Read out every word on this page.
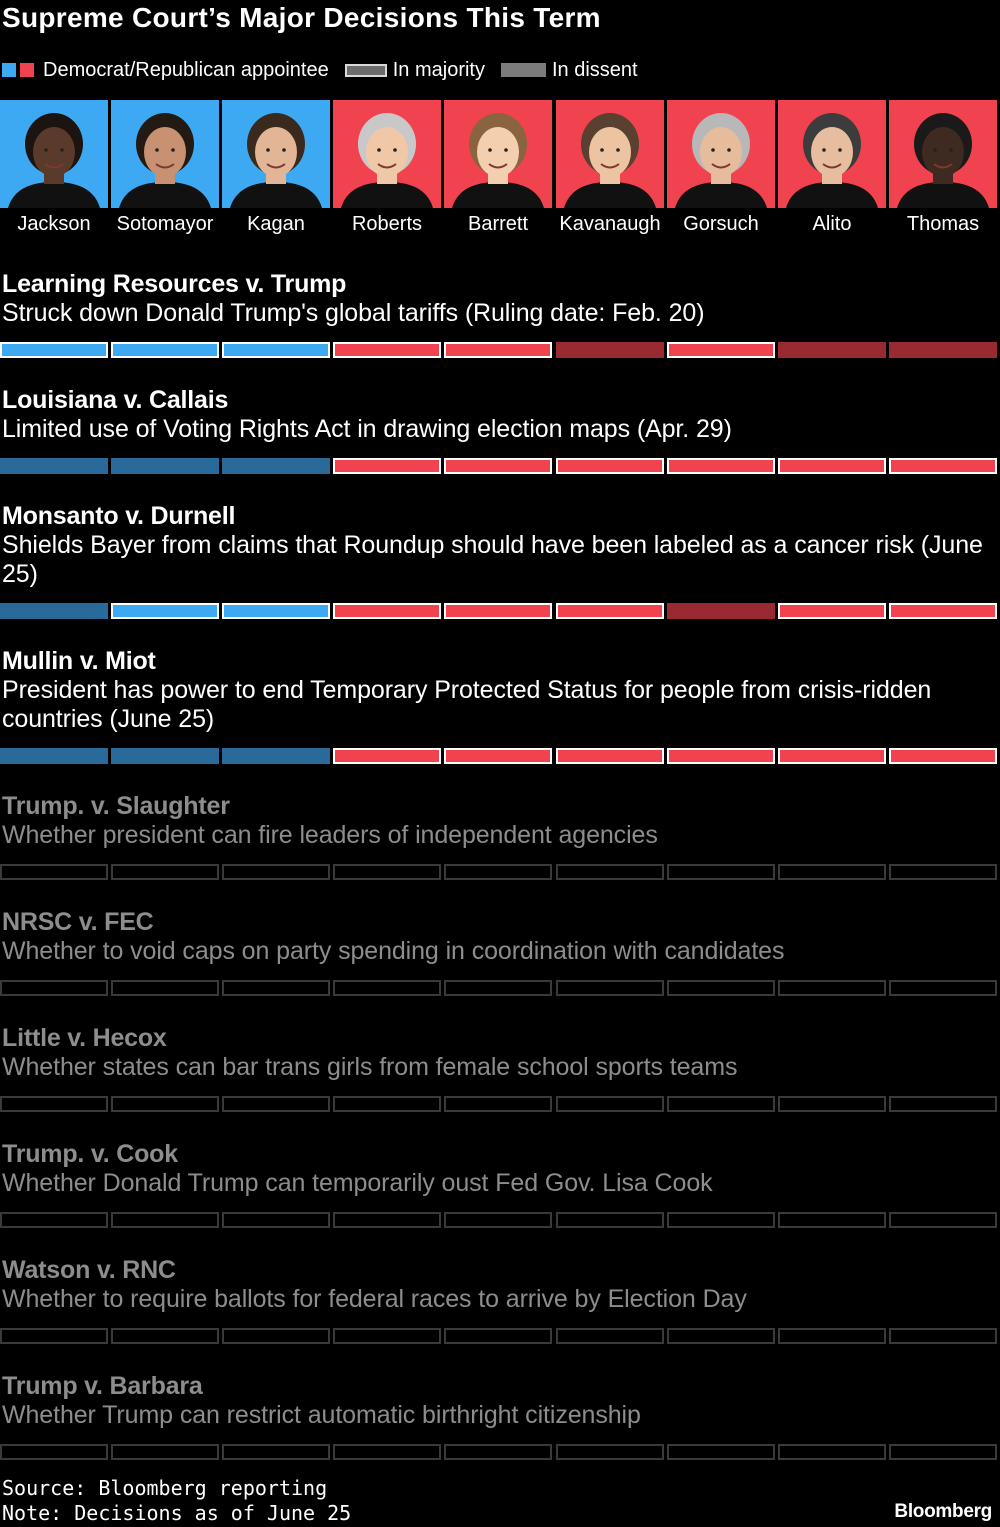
Supreme Court’s Major Decisions This Term
Democrat/Republican appointee	In majority	In dissent
Jackson	Sotomayor	Kagan	Roberts	Barrett	Kavanaugh	Gorsuch	Alito	Thomas
Learning Resources v. Trump
Struck down Donald Trump's global tariffs (Ruling date: Feb. 20)
Louisiana v. Callais
Limited use of Voting Rights Act in drawing election maps (Apr. 29)
Monsanto v. Durnell
Shields Bayer from claims that Roundup should have been labeled as a cancer risk (June 25)
Mullin v. Miot
President has power to end Temporary Protected Status for people from crisis-ridden countries (June 25)
Trump. v. Slaughter
Whether president can fire leaders of independent agencies
NRSC v. FEC
Whether to void caps on party spending in coordination with candidates
Little v. Hecox
Whether states can bar trans girls from female school sports teams
Trump. v. Cook
Whether Donald Trump can temporarily oust Fed Gov. Lisa Cook
Watson v. RNC
Whether to require ballots for federal races to arrive by Election Day
Trump v. Barbara
Whether Trump can restrict automatic birthright citizenship
Source: Bloomberg reporting
Note: Decisions as of June 25	Bloomberg
